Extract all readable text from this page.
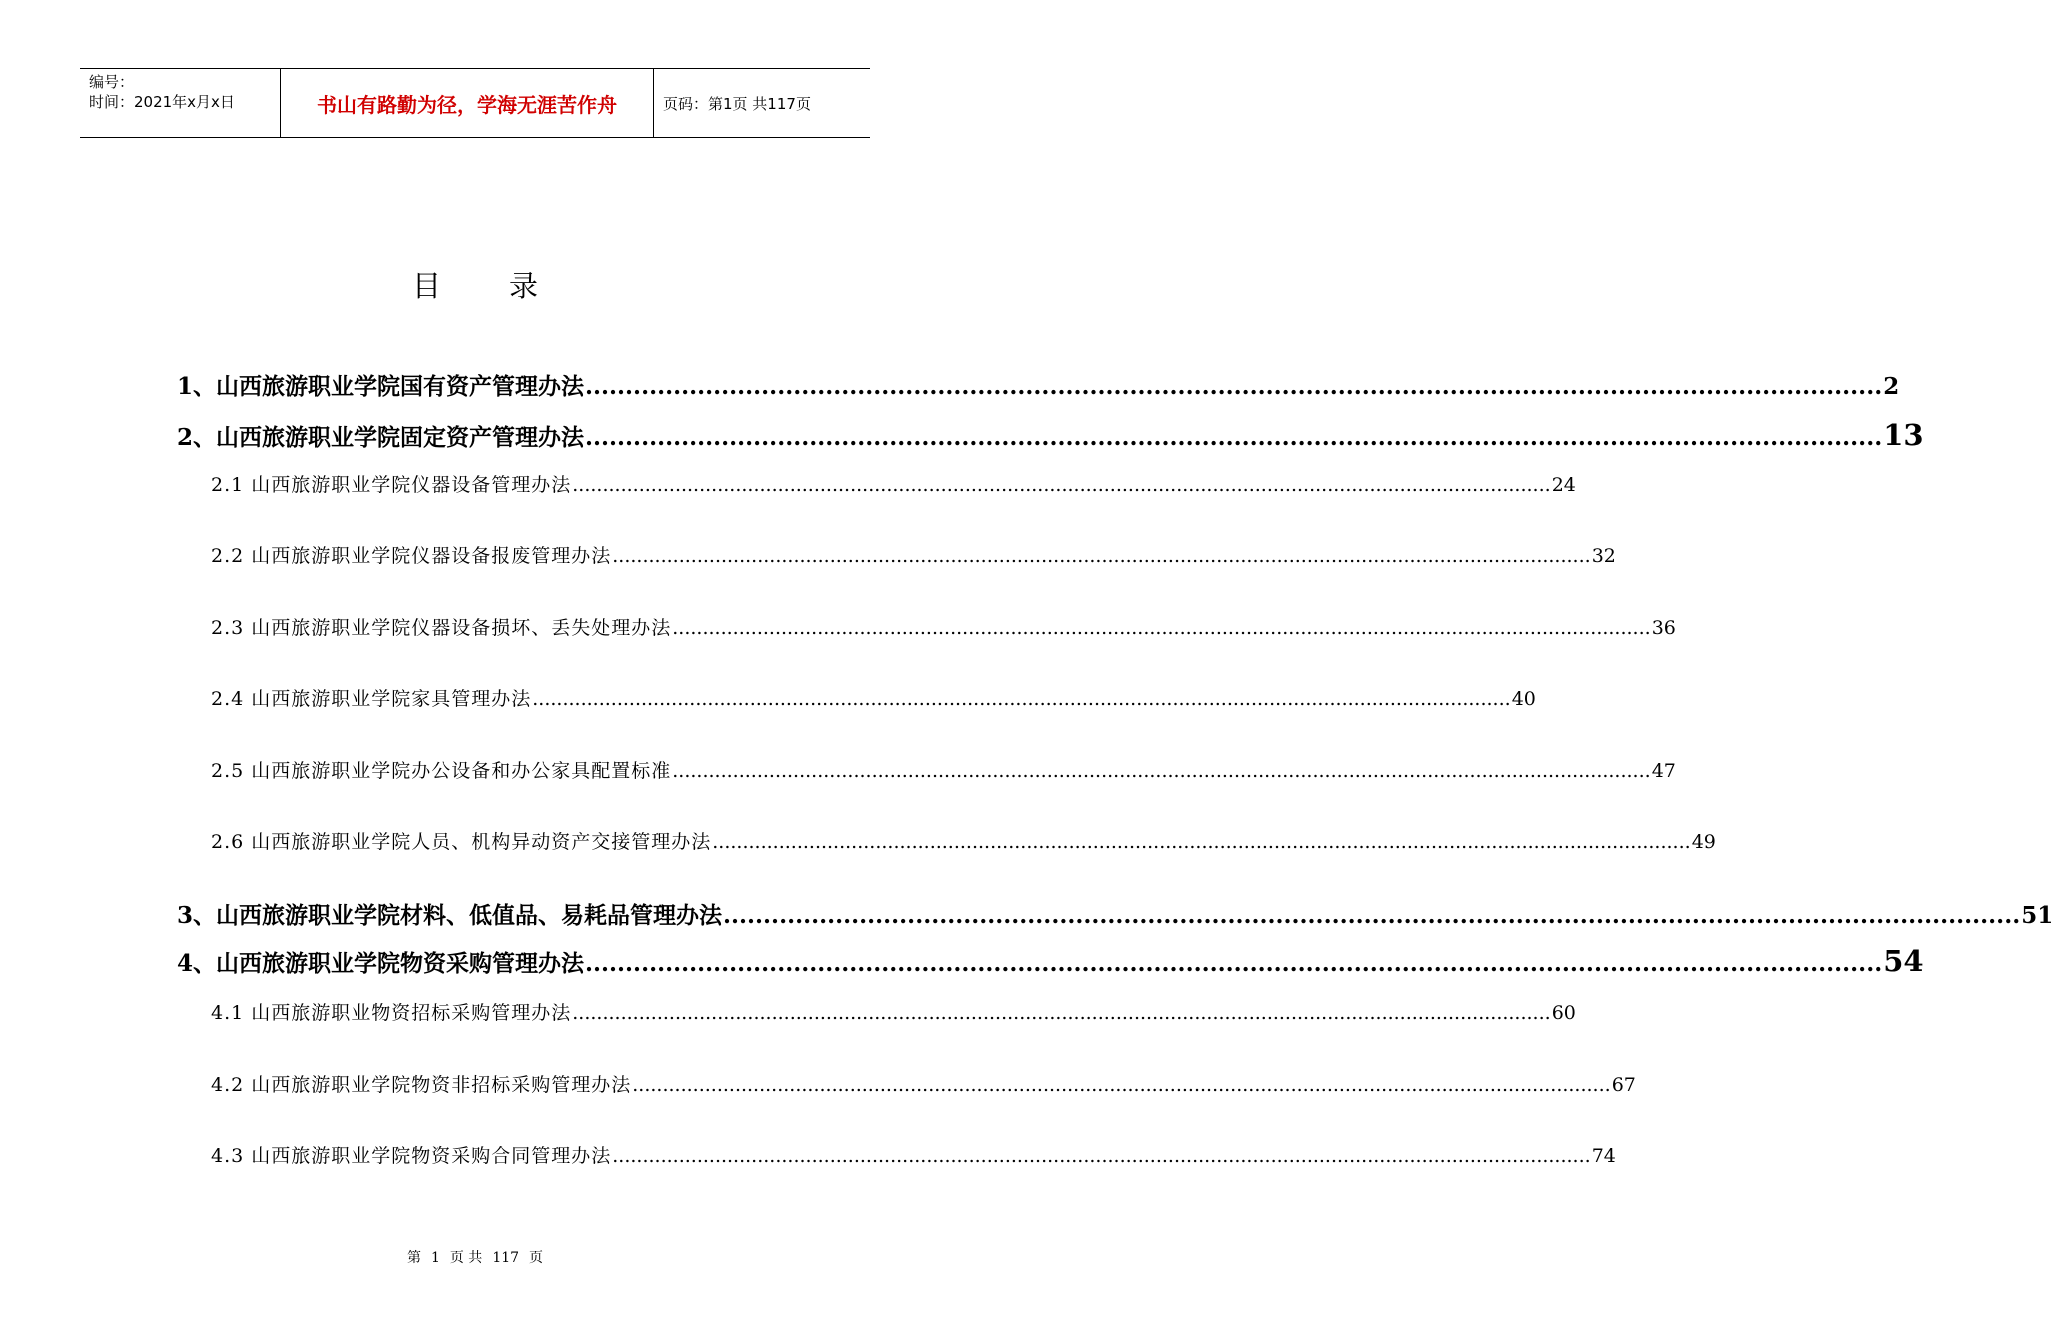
编号：
时间：2021年x月x日	书山有路勤为径，学海无涯苦作舟	页码：第1页 共117页
目录
1、山西旅游职业学院国有资产管理办法 .................................................................................................................................................................. 2
2、山西旅游职业学院固定资产管理办法 .................................................................................................................................................................. 13
2.1 山西旅游职业学院仪器设备管理办法 .................................................................................................................................................................. 24
2.2 山西旅游职业学院仪器设备报废管理办法 .................................................................................................................................................................. 32
2.3 山西旅游职业学院仪器设备损坏、丢失处理办法 .................................................................................................................................................................. 36
2.4 山西旅游职业学院家具管理办法 .................................................................................................................................................................. 40
2.5 山西旅游职业学院办公设备和办公家具配置标准 .................................................................................................................................................................. 47
2.6 山西旅游职业学院人员、机构异动资产交接管理办法 .................................................................................................................................................................. 49
3、山西旅游职业学院材料、低值品、易耗品管理办法 .................................................................................................................................................................. 51
4、山西旅游职业学院物资采购管理办法 .................................................................................................................................................................. 54
4.1 山西旅游职业物资招标采购管理办法 .................................................................................................................................................................. 60
4.2 山西旅游职业学院物资非招标采购管理办法 .................................................................................................................................................................. 67
4.3 山西旅游职业学院物资采购合同管理办法 .................................................................................................................................................................. 74
第 1 页 共 117 页
